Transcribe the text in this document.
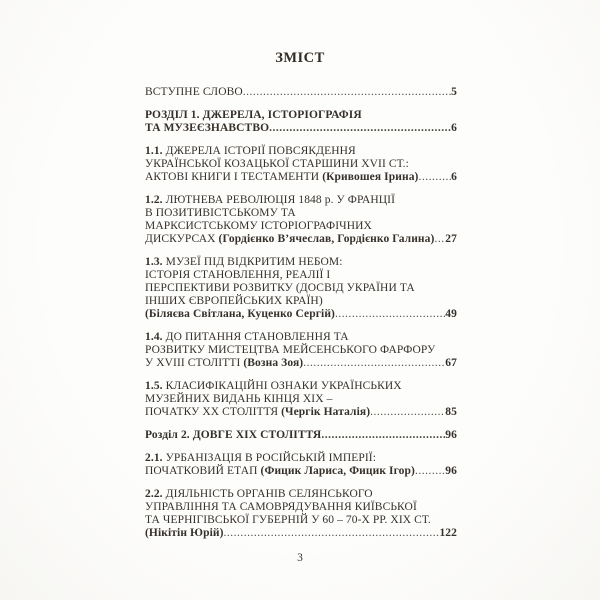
ЗМІСТ
ВСТУПНЕ СЛОВО .....	5
РОЗДІЛ 1. ДЖЕРЕЛА, ІСТОРІОГРАФІЯ
ТА МУЗЕЄЗНАВСТВО .....	6
1.1. ДЖЕРЕЛА ІСТОРІЇ ПОВСЯКДЕННЯ
УКРАЇНСЬКОЇ КОЗАЦЬКОЇ СТАРШИНИ XVII СТ.:
АКТОВІ КНИГИ І ТЕСТАМЕНТИ (Кривошея Ірина) .....	6
1.2. ЛЮТНЕВА РЕВОЛЮЦІЯ 1848 р. У ФРАНЦІЇ
В ПОЗИТИВІСТСЬКОМУ ТА
МАРКСИСТСЬКОМУ ІСТОРІОГРАФІЧНИХ
ДИСКУРСАХ (Гордієнко В’ячеслав, Гордієнко Галина) ..... 27
1.3. МУЗЕЇ ПІД ВІДКРИТИМ НЕБОМ:
ІСТОРІЯ СТАНОВЛЕННЯ, РЕАЛІЇ І
ПЕРСПЕКТИВИ РОЗВИТКУ (ДОСВІД УКРАЇНИ ТА
ІНШИХ ЄВРОПЕЙСЬКИХ КРАЇН)
(Біляєва Світлана, Куценко Сергій) .....	49
1.4. ДО ПИТАННЯ СТАНОВЛЕННЯ ТА
РОЗВИТКУ МИСТЕЦТВА МЕЙСЕНСЬКОГО ФАРФОРУ
У XVIII СТОЛІТТІ (Возна Зоя) .....	67
1.5. КЛАСИФІКАЦІЙНІ ОЗНАКИ УКРАЇНСЬКИХ
МУЗЕЙНИХ ВИДАНЬ КІНЦЯ XIX –
ПОЧАТКУ XX СТОЛІТТЯ (Чергік Наталія) .....	85
Розділ 2. ДОВГЕ XIX СТОЛІТТЯ .....	96
2.1. УРБАНІЗАЦІЯ В РОСІЙСЬКІЙ ІМПЕРІЇ:
ПОЧАТКОВИЙ ЕТАП (Фицик Лариса, Фицик Ігор) .....	96
2.2. ДІЯЛЬНІСТЬ ОРГАНІВ СЕЛЯНСЬКОГО
УПРАВЛІННЯ ТА САМОВРЯДУВАННЯ КИЇВСЬКОЇ
ТА ЧЕРНІГІВСЬКОЇ ГУБЕРНІЙ У 60 – 70-Х РР. XIX СТ.
(Нікітін Юрій) .....	122
3
